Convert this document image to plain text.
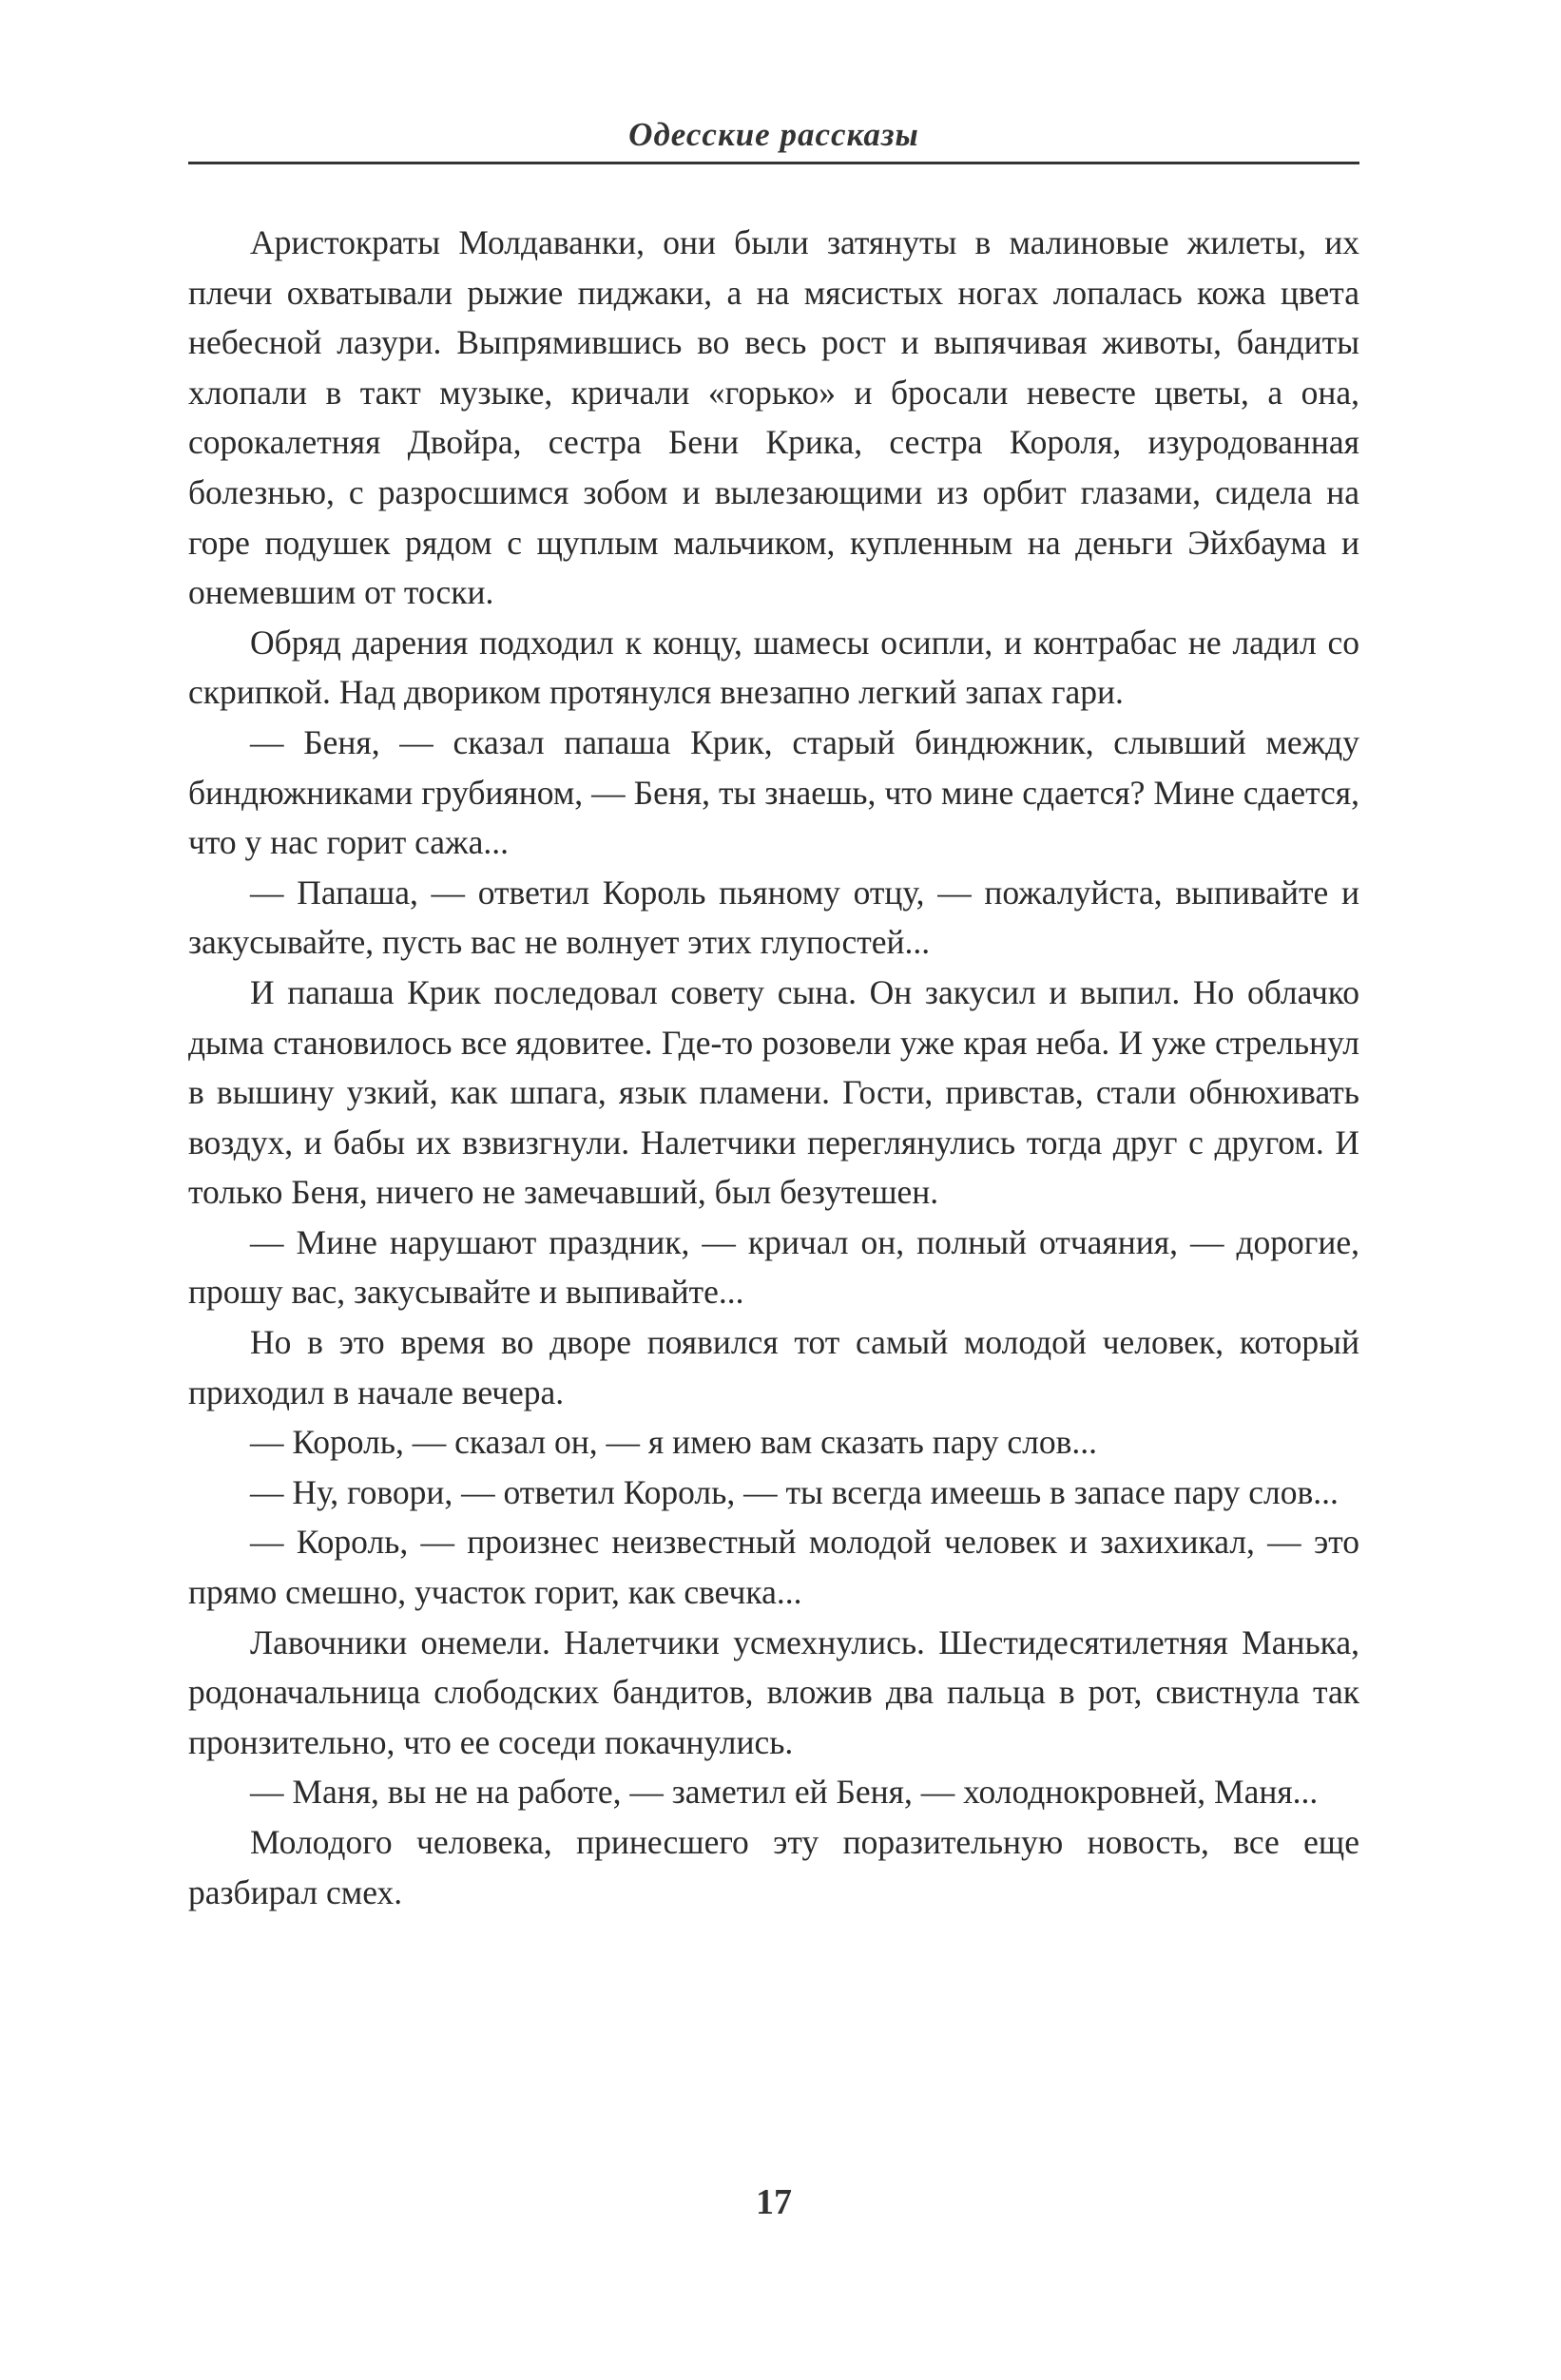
Одесские рассказы

Аристократы Молдаванки, они были затянуты в малиновые жилеты, их плечи охватывали рыжие пиджаки, а на мясистых ногах лопалась кожа цвета небесной лазури. Выпрямившись во весь рост и выпячивая животы, бандиты хлопали в такт музыке, кричали «горько» и бросали невесте цветы, а она, сорокалетняя Двойра, сестра Бени Крика, сестра Короля, изуродованная болезнью, с разросшимся зобом и вылезающими из орбит глазами, сидела на горе подушек рядом с щуплым мальчиком, купленным на деньги Эйхбаума и онемевшим от тоски.

Обряд дарения подходил к концу, шамесы осипли, и контрабас не ладил со скрипкой. Над двориком протянулся внезапно легкий запах гари.

— Беня, — сказал папаша Крик, старый биндюжник, слывший между биндюжниками грубияном, — Беня, ты знаешь, что мине сдается? Мине сдается, что у нас горит сажа...

— Папаша, — ответил Король пьяному отцу, — пожалуйста, выпивайте и закусывайте, пусть вас не волнует этих глупостей...

И папаша Крик последовал совету сына. Он закусил и выпил. Но облачко дыма становилось все ядовитее. Где-то розовели уже края неба. И уже стрельнул в вышину узкий, как шпага, язык пламени. Гости, привстав, стали обнюхивать воздух, и бабы их взвизгнули. Налетчики переглянулись тогда друг с другом. И только Беня, ничего не замечавший, был безутешен.

— Мине нарушают праздник, — кричал он, полный отчаяния, — дорогие, прошу вас, закусывайте и выпивайте...

Но в это время во дворе появился тот самый молодой человек, который приходил в начале вечера.

— Король, — сказал он, — я имею вам сказать пару слов...

— Ну, говори, — ответил Король, — ты всегда имеешь в запасе пару слов...

— Король, — произнес неизвестный молодой человек и захихикал, — это прямо смешно, участок горит, как свечка...

Лавочники онемели. Налетчики усмехнулись. Шестидесятилетняя Манька, родоначальница слободских бандитов, вложив два пальца в рот, свистнула так пронзительно, что ее соседи покачнулись.

— Маня, вы не на работе, — заметил ей Беня, — холоднокровней, Маня...

Молодого человека, принесшего эту поразительную новость, все еще разбирал смех.

17
